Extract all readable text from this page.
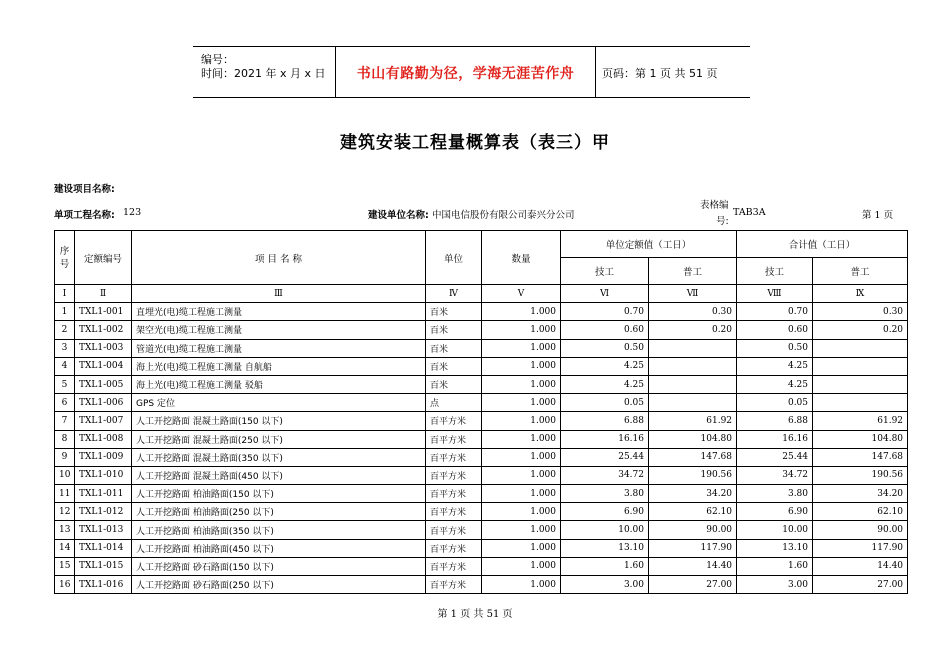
编号：
时间：2021 年 x 月 x 日	书山有路勤为径，学海无涯苦作舟	页码：第 1 页 共 51 页
建筑安装工程量概算表（表三）甲
建设项目名称:
单项工程名称: 123	建设单位名称: 中国电信股份有限公司泰兴分公司
表格编
号:
TAB3A	第 1 页
序号	定额编号	项 目 名 称	单位	数量	单位定额值（工日）		合计值（工日）	
					技工	普工	技工	普工
Ⅰ	Ⅱ	Ⅲ	Ⅳ	Ⅴ	Ⅵ	Ⅶ	Ⅷ	Ⅸ
1	TXL1-001	直埋光(电)缆工程施工测量	百米	1.000	0.70	0.30	0.70	0.30
2	TXL1-002	架空光(电)缆工程施工测量	百米	1.000	0.60	0.20	0.60	0.20
3	TXL1-003	管道光(电)缆工程施工测量	百米	1.000	0.50		0.50	
4	TXL1-004	海上光(电)缆工程施工测量 自航船	百米	1.000	4.25		4.25	
5	TXL1-005	海上光(电)缆工程施工测量 驳船	百米	1.000	4.25		4.25	
6	TXL1-006	GPS 定位	点	1.000	0.05		0.05	
7	TXL1-007	人工开挖路面 混凝土路面(150 以下)	百平方米	1.000	6.88	61.92	6.88	61.92
8	TXL1-008	人工开挖路面 混凝土路面(250 以下)	百平方米	1.000	16.16	104.80	16.16	104.80
9	TXL1-009	人工开挖路面 混凝土路面(350 以下)	百平方米	1.000	25.44	147.68	25.44	147.68
10	TXL1-010	人工开挖路面 混凝土路面(450 以下)	百平方米	1.000	34.72	190.56	34.72	190.56
11	TXL1-011	人工开挖路面 柏油路面(150 以下)	百平方米	1.000	3.80	34.20	3.80	34.20
12	TXL1-012	人工开挖路面 柏油路面(250 以下)	百平方米	1.000	6.90	62.10	6.90	62.10
13	TXL1-013	人工开挖路面 柏油路面(350 以下)	百平方米	1.000	10.00	90.00	10.00	90.00
14	TXL1-014	人工开挖路面 柏油路面(450 以下)	百平方米	1.000	13.10	117.90	13.10	117.90
15	TXL1-015	人工开挖路面 砂石路面(150 以下)	百平方米	1.000	1.60	14.40	1.60	14.40
16	TXL1-016	人工开挖路面 砂石路面(250 以下)	百平方米	1.000	3.00	27.00	3.00	27.00
第 1 页 共 51 页
